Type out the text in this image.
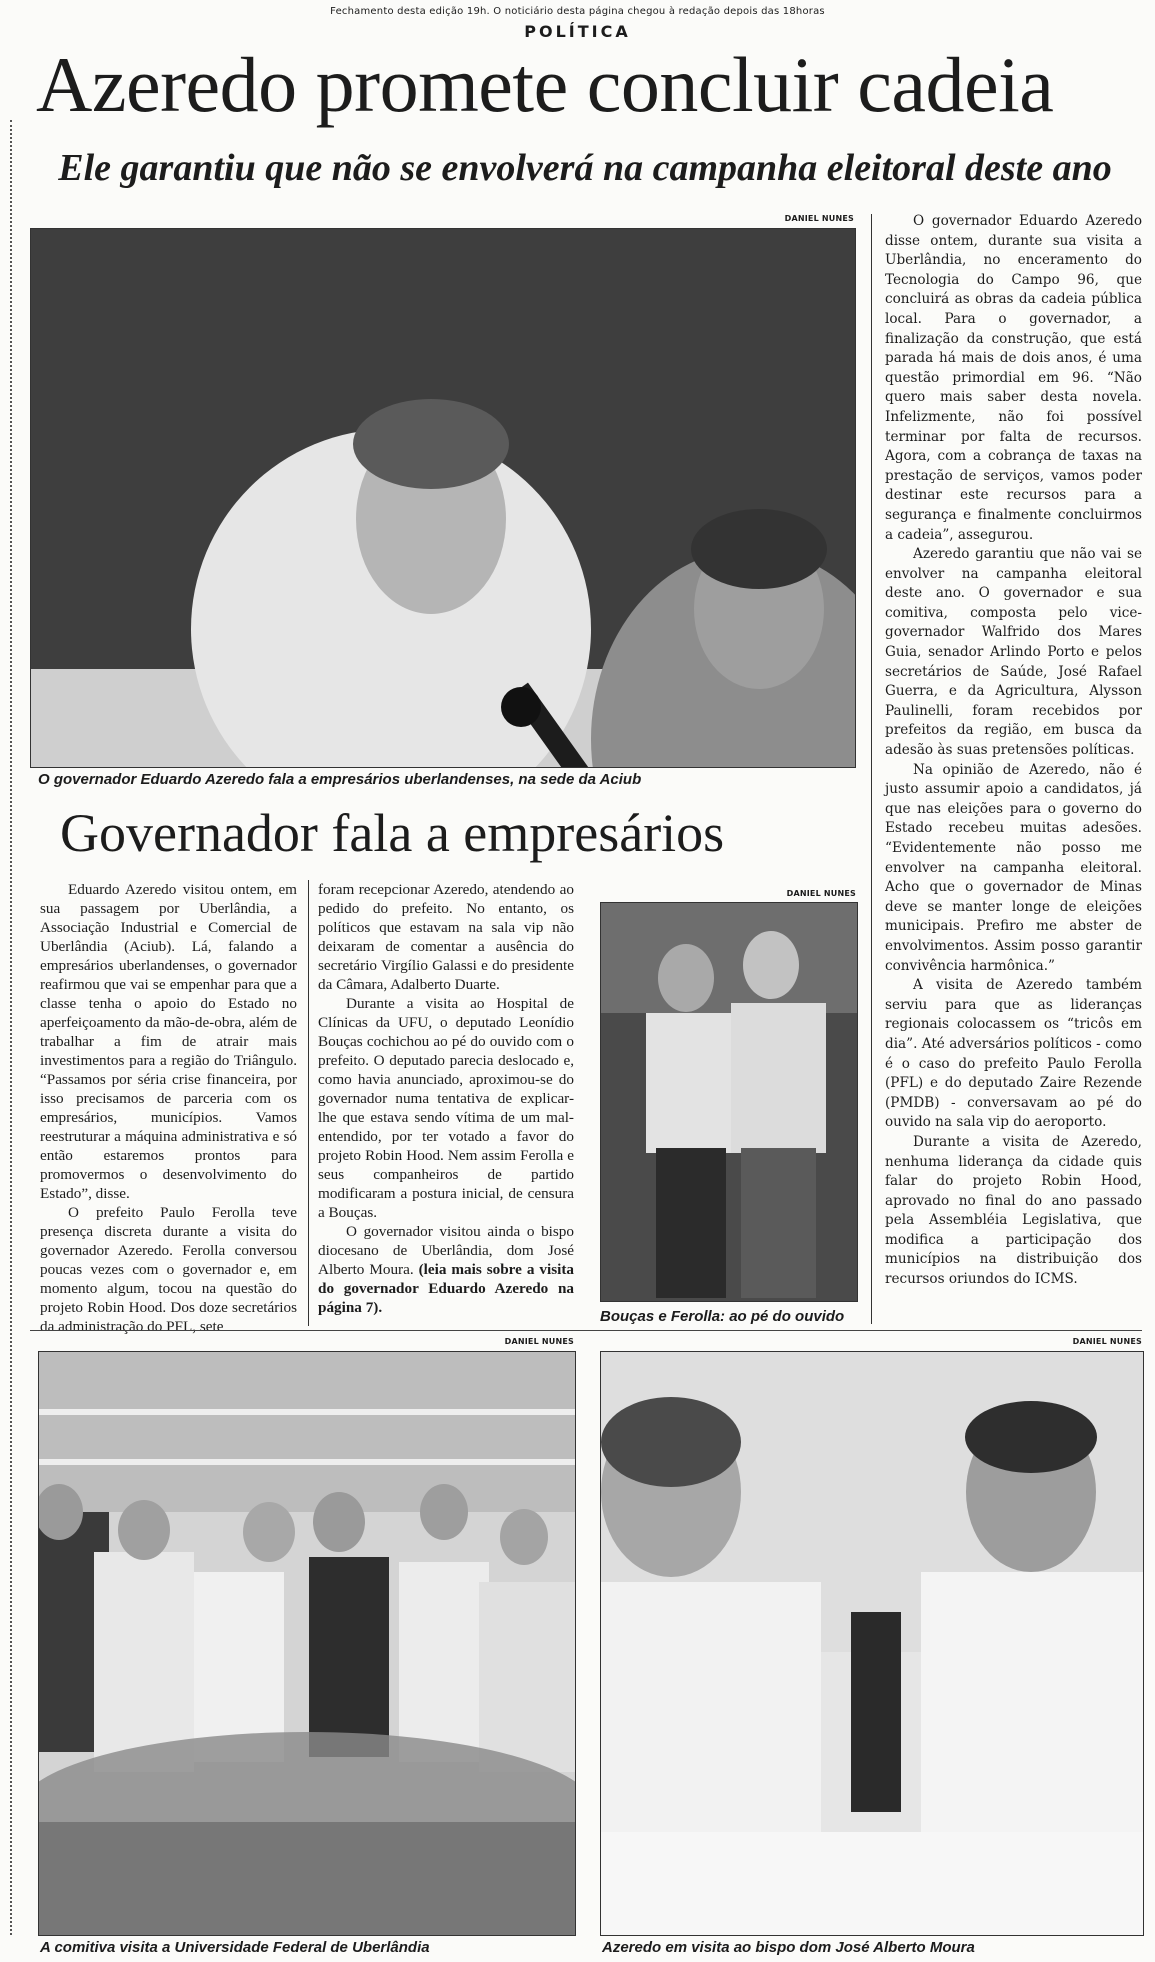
Fechamento desta edição 19h. O noticiário desta página chegou à redação depois das 18horas
POLÍTICA
Azeredo promete concluir cadeia
Ele garantiu que não se envolverá na campanha eleitoral deste ano
DANIEL NUNES
O governador Eduardo Azeredo fala a empresários uberlandenses, na sede da Aciub

O governador Eduardo Azeredo disse ontem, durante sua visita a Uberlândia, no enceramento do Tecnologia do Campo 96, que concluirá as obras da cadeia pública local. Para o governador, a finalização da construção, que está parada há mais de dois anos, é uma questão primordial em 96. “Não quero mais saber desta novela. Infelizmente, não foi possível terminar por falta de recursos. Agora, com a cobrança de taxas na prestação de serviços, vamos poder destinar este recursos para a segurança e finalmente concluirmos a cadeia”, assegurou.

Azeredo garantiu que não vai se envolver na campanha eleitoral deste ano. O governador e sua comitiva, composta pelo vice-governador Walfrido dos Mares Guia, senador Arlindo Porto e pelos secretários de Saúde, José Rafael Guerra, e da Agricultura, Alysson Paulinelli, foram recebidos por prefeitos da região, em busca da adesão às suas pretensões políticas.

Na opinião de Azeredo, não é justo assumir apoio a candidatos, já que nas eleições para o governo do Estado recebeu muitas adesões. “Evidentemente não posso me envolver na campanha eleitoral. Acho que o governador de Minas deve se manter longe de eleições municipais. Prefiro me abster de envolvimentos. Assim posso garantir convivência harmônica.”

A visita de Azeredo também serviu para que as lideranças regionais colocassem os “tricôs em dia”. Até adversários políticos - como é o caso do prefeito Paulo Ferolla (PFL) e do deputado Zaire Rezende (PMDB) - conversavam ao pé do ouvido na sala vip do aeroporto.

Durante a visita de Azeredo, nenhuma liderança da cidade quis falar do projeto Robin Hood, aprovado no final do ano passado pela Assembléia Legislativa, que modifica a participação dos municípios na distribuição dos recursos oriundos do ICMS.

Governador fala a empresários

Eduardo Azeredo visitou ontem, em sua passagem por Uberlândia, a Associação Industrial e Comercial de Uberlândia (Aciub). Lá, falando a empresários uberlandenses, o governador reafirmou que vai se empenhar para que a classe tenha o apoio do Estado no aperfeiçoamento da mão-de-obra, além de trabalhar a fim de atrair mais investimentos para a região do Triângulo. “Passamos por séria crise financeira, por isso precisamos de parceria com os empresários, municípios. Vamos reestruturar a máquina administrativa e só então estaremos prontos para promovermos o desenvolvimento do Estado”, disse.

O prefeito Paulo Ferolla teve presença discreta durante a visita do governador Azeredo. Ferolla conversou poucas vezes com o governador e, em momento algum, tocou na questão do projeto Robin Hood. Dos doze secretários da administração do PFL, sete

foram recepcionar Azeredo, atendendo ao pedido do prefeito. No entanto, os políticos que estavam na sala vip não deixaram de comentar a ausência do secretário Virgílio Galassi e do presidente da Câmara, Adalberto Duarte.

Durante a visita ao Hospital de Clínicas da UFU, o deputado Leonídio Bouças cochichou ao pé do ouvido com o prefeito. O deputado parecia deslocado e, como havia anunciado, aproximou-se do governador numa tentativa de explicar-lhe que estava sendo vítima de um mal-entendido, por ter votado a favor do projeto Robin Hood. Nem assim Ferolla e seus companheiros de partido modificaram a postura inicial, de censura a Bouças.

O governador visitou ainda o bispo diocesano de Uberlândia, dom José Alberto Moura. (leia mais sobre a visita do governador Eduardo Azeredo na página 7).

DANIEL NUNES
Bouças e Ferolla: ao pé do ouvido
DANIEL NUNES
A comitiva visita a Universidade Federal de Uberlândia
DANIEL NUNES
Azeredo em visita ao bispo dom José Alberto Moura
